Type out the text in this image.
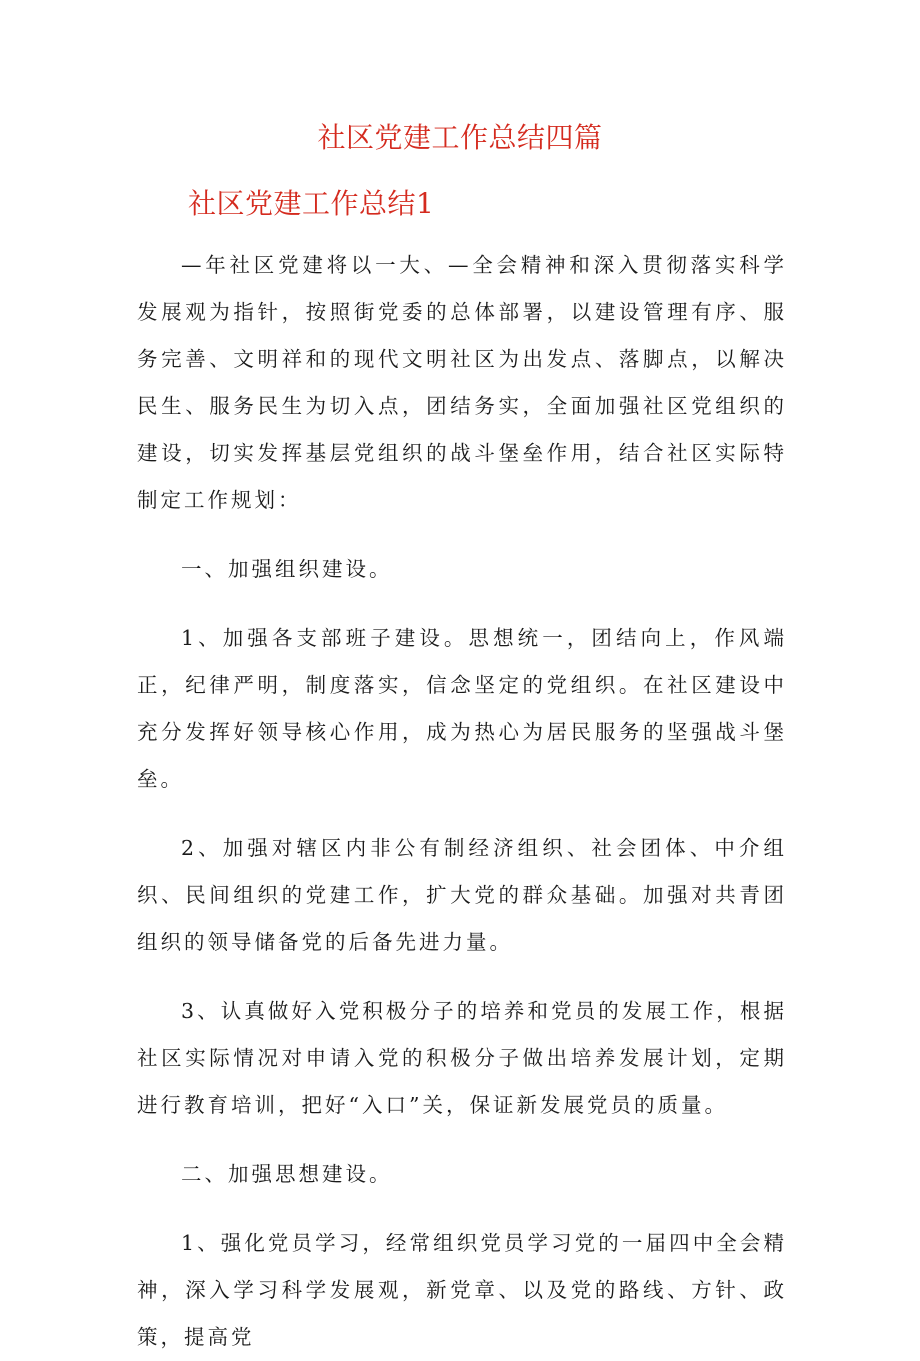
社区党建工作总结四篇
社区党建工作总结1

—年社区党建将以一大、—全会精神和深入贯彻落实科学发展观为指针，按照街党委的总体部署，以建设管理有序、服务完善、文明祥和的现代文明社区为出发点、落脚点，以解决民生、服务民生为切入点，团结务实，全面加强社区党组织的建设，切实发挥基层党组织的战斗堡垒作用，结合社区实际特制定工作规划：

一、加强组织建设。

1、加强各支部班子建设。思想统一，团结向上，作风端正，纪律严明，制度落实，信念坚定的党组织。在社区建设中充分发挥好领导核心作用，成为热心为居民服务的坚强战斗堡垒。

2、加强对辖区内非公有制经济组织、社会团体、中介组织、民间组织的党建工作，扩大党的群众基础。加强对共青团组织的领导储备党的后备先进力量。

3、认真做好入党积极分子的培养和党员的发展工作，根据社区实际情况对申请入党的积极分子做出培养发展计划，定期进行教育培训，把好“入口”关，保证新发展党员的质量。

二、加强思想建设。

1、强化党员学习，经常组织党员学习党的一届四中全会精神，深入学习科学发展观，新党章、以及党的路线、方针、政策，提高党
